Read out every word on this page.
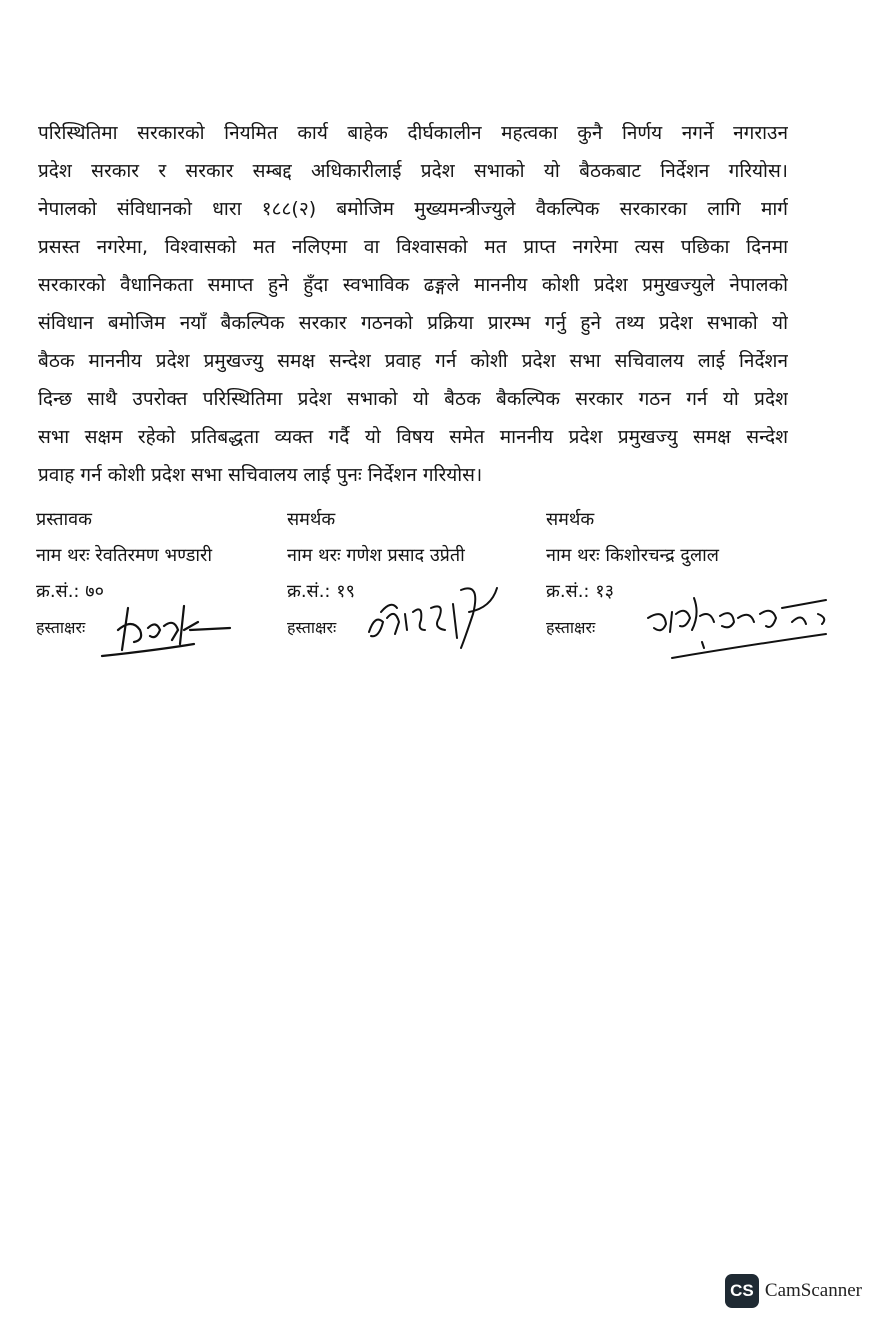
परिस्थितिमा सरकारको नियमित कार्य बाहेक दीर्घकालीन महत्वका कुनै निर्णय नगर्ने नगराउन
प्रदेश सरकार र सरकार सम्बद्द अधिकारीलाई प्रदेश सभाको यो बैठकबाट निर्देशन गरियोस।
नेपालको संविधानको धारा १८८(२) बमोजिम मुख्यमन्त्रीज्युले वैकल्पिक सरकारका लागि मार्ग
प्रसस्त नगरेमा, विश्वासको मत नलिएमा वा विश्वासको मत प्राप्त नगरेमा त्यस पछिका दिनमा
सरकारको वैधानिकता समाप्त हुने हुँदा स्वभाविक ढङ्गले माननीय कोशी प्रदेश प्रमुखज्युले नेपालको
संविधान बमोजिम नयाँ बैकल्पिक सरकार गठनको प्रक्रिया प्रारम्भ गर्नु हुने तथ्य प्रदेश सभाको यो
बैठक माननीय प्रदेश प्रमुखज्यु समक्ष सन्देश प्रवाह गर्न कोशी प्रदेश सभा सचिवालय लाई निर्देशन
दिन्छ साथै उपरोक्त परिस्थितिमा प्रदेश सभाको यो बैठक बैकल्पिक सरकार गठन गर्न यो प्रदेश
सभा सक्षम रहेको प्रतिबद्धता व्यक्त गर्दै यो विषय समेत माननीय प्रदेश प्रमुखज्यु समक्ष सन्देश
प्रवाह गर्न कोशी प्रदेश सभा सचिवालय लाई पुनः निर्देशन गरियोस।
प्रस्तावक
नाम थरः रेवतिरमण भण्डारी
क्र.सं.: ७०
हस्ताक्षरः
समर्थक
नाम थरः गणेश प्रसाद उप्रेती
क्र.सं.: १९
हस्ताक्षरः
समर्थक
नाम थरः किशोरचन्द्र दुलाल
क्र.सं.: १३
हस्ताक्षरः
CS CamScanner
